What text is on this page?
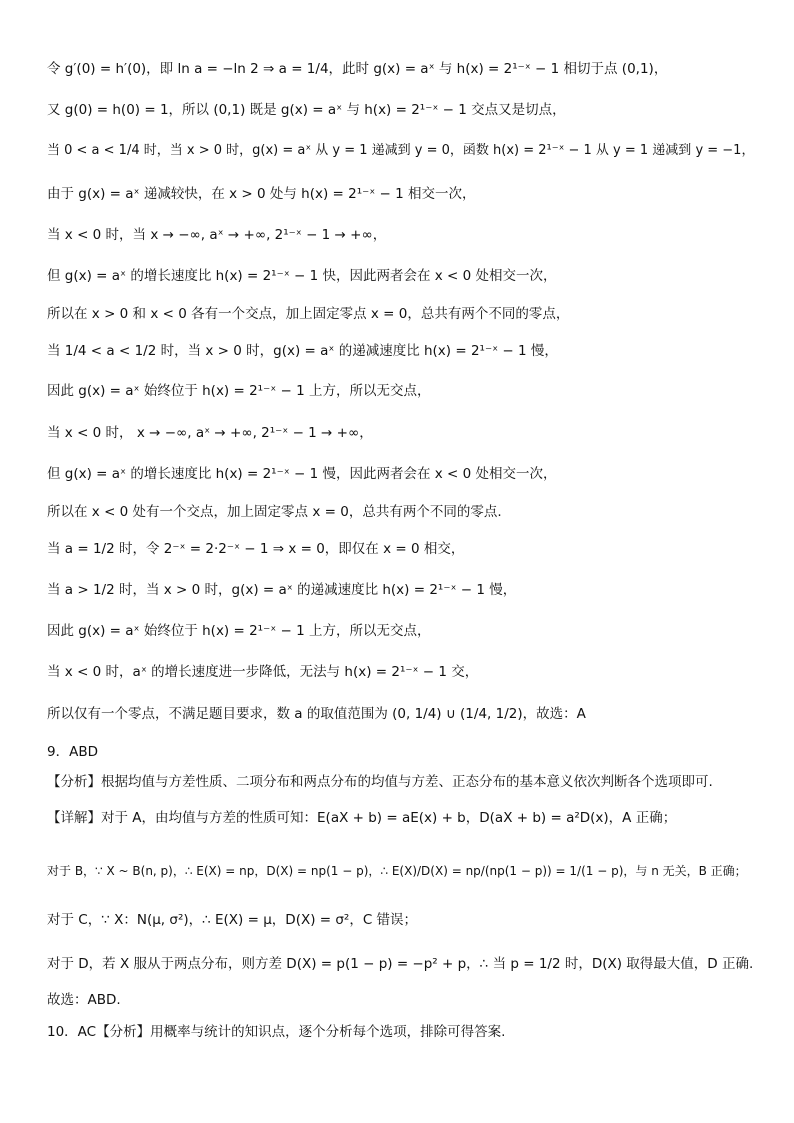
令 g′(0) = h′(0)，即 ln a = −ln 2 ⇒ a = 1/4，此时 g(x) = aˣ 与 h(x) = 2¹⁻ˣ − 1 相切于点 (0,1)，
又 g(0) = h(0) = 1，所以 (0,1) 既是 g(x) = aˣ 与 h(x) = 2¹⁻ˣ − 1 交点又是切点，
当 0 < a < 1/4 时，当 x > 0 时，g(x) = aˣ 从 y = 1 递减到 y = 0，函数 h(x) = 2¹⁻ˣ − 1 从 y = 1 递减到 y = −1，
由于 g(x) = aˣ 递减较快，在 x > 0 处与 h(x) = 2¹⁻ˣ − 1 相交一次，
当 x < 0 时，当 x → −∞, aˣ → +∞, 2¹⁻ˣ − 1 → +∞，
但 g(x) = aˣ 的增长速度比 h(x) = 2¹⁻ˣ − 1 快，因此两者会在 x < 0 处相交一次，
所以在 x > 0 和 x < 0 各有一个交点，加上固定零点 x = 0，总共有两个不同的零点，
当 1/4 < a < 1/2 时，当 x > 0 时，g(x) = aˣ 的递减速度比 h(x) = 2¹⁻ˣ − 1 慢，
因此 g(x) = aˣ 始终位于 h(x) = 2¹⁻ˣ − 1 上方，所以无交点，
当 x < 0 时， x → −∞, aˣ → +∞, 2¹⁻ˣ − 1 → +∞，
但 g(x) = aˣ 的增长速度比 h(x) = 2¹⁻ˣ − 1 慢，因此两者会在 x < 0 处相交一次，
所以在 x < 0 处有一个交点，加上固定零点 x = 0，总共有两个不同的零点.
当 a = 1/2 时，令 2⁻ˣ = 2·2⁻ˣ − 1 ⇒ x = 0，即仅在 x = 0 相交，
当 a > 1/2 时，当 x > 0 时，g(x) = aˣ 的递减速度比 h(x) = 2¹⁻ˣ − 1 慢，
因此 g(x) = aˣ 始终位于 h(x) = 2¹⁻ˣ − 1 上方，所以无交点，
当 x < 0 时，aˣ 的增长速度进一步降低，无法与 h(x) = 2¹⁻ˣ − 1 交，
所以仅有一个零点，不满足题目要求，数 a 的取值范围为 (0, 1/4) ∪ (1/4, 1/2)，故选：A
9．ABD
【分析】根据均值与方差性质、二项分布和两点分布的均值与方差、正态分布的基本意义依次判断各个选项即可.
【详解】对于 A，由均值与方差的性质可知：E(aX + b) = aE(x) + b，D(aX + b) = a²D(x)，A 正确；
对于 B，∵ X ~ B(n, p)，∴ E(X) = np，D(X) = np(1 − p)，∴ E(X)/D(X) = np/(np(1 − p)) = 1/(1 − p)，与 n 无关，B 正确；
对于 C，∵ X：N(μ, σ²)，∴ E(X) = μ，D(X) = σ²，C 错误；
对于 D，若 X 服从于两点分布，则方差 D(X) = p(1 − p) = −p² + p，∴ 当 p = 1/2 时，D(X) 取得最大值，D 正确.
故选：ABD.
10．AC【分析】用概率与统计的知识点，逐个分析每个选项，排除可得答案.
